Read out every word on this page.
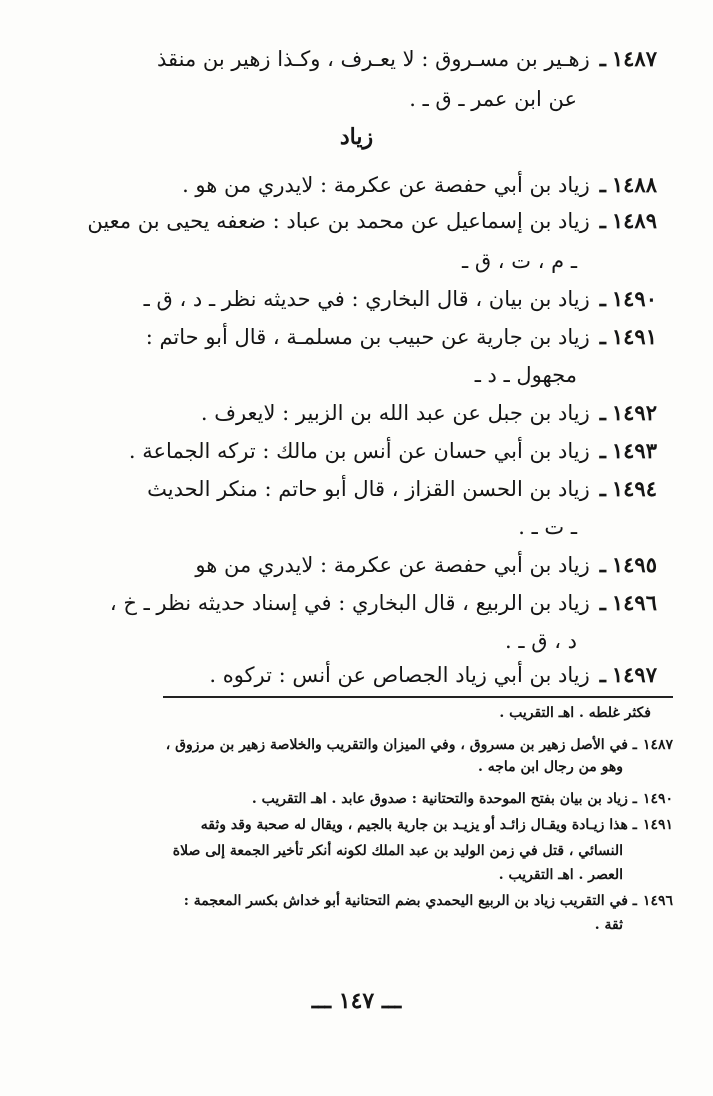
١٤٨٧ـزهـير بن مسـروق : لا يعـرف ، وكـذا زهير بن منقذ
عن ابن عمر ـ ق ـ .
زياد
١٤٨٨ـزياد بن أبي حفصة عن عكرمة : لايدري من هو .
١٤٨٩ـزياد بن إسماعيل عن محمد بن عباد : ضعفه يحيى بن معين
ـ م ، ت ، ق ـ
١٤٩٠ـزياد بن بيان ، قال البخاري : في حديثه نظر ـ د ، ق ـ
١٤٩١ـزياد بن جارية عن حبيب بن مسلمـة ، قال أبو حاتم :
مجهول ـ د ـ
١٤٩٢ـزياد بن جبل عن عبد الله بن الزبير : لايعرف .
١٤٩٣ـزياد بن أبي حسان عن أنس بن مالك : تركه الجماعة .
١٤٩٤ـزياد بن الحسن القزاز ، قال أبو حاتم : منكر الحديث
ـ ت ـ .
١٤٩٥ـزياد بن أبي حفصة عن عكرمة : لايدري من هو
١٤٩٦ـزياد بن الربيع ، قال البخاري : في إسناد حديثه نظر ـ خ ،
د ، ق ـ .
١٤٩٧ـزياد بن أبي زياد الجصاص عن أنس : تركوه .
فكثر غلطه . اهـ التقريب .
١٤٨٧ـ في الأصل زهير بن مسروق ، وفي الميزان والتقريب والخلاصة زهير بن مرزوق ،
وهو من رجال ابن ماجه .
١٤٩٠ـ زياد بن بيان بفتح الموحدة والتحتانية : صدوق عابد . اهـ التقريب .
١٤٩١ـ هذا زيـادة ويقـال زائـد أو يزيـد بن جارية بالجيم ، ويقال له صحبة وقد وثقه
النسائي ، قتل في زمن الوليد بن عبد الملك لكونه أنكر تأخير الجمعة إلى صلاة
العصر . اهـ التقريب .
١٤٩٦ـ في التقريب زياد بن الربيع اليحمدي بضم التحتانية أبو خداش بكسر المعجمة :
ثقة .
ـــ ١٤٧ ـــ
